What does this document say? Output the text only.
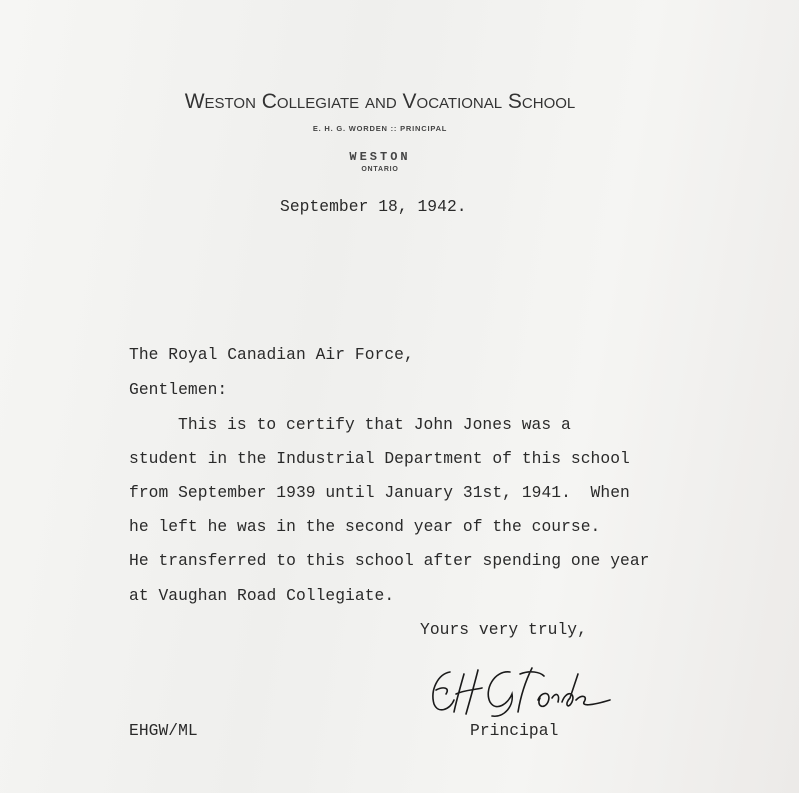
Weston Collegiate and Vocational School
E. H. G. WORDEN :: PRINCIPAL
WESTON
ONTARIO
September 18, 1942.
The Royal Canadian Air Force,
Gentlemen:
This is to certify that John Jones was a
student in the Industrial Department of this school
from September 1939 until January 31st, 1941.  When
he left he was in the second year of the course.
He transferred to this school after spending one year
at Vaughan Road Collegiate.
Yours very truly,
EHGW/ML	Principal
